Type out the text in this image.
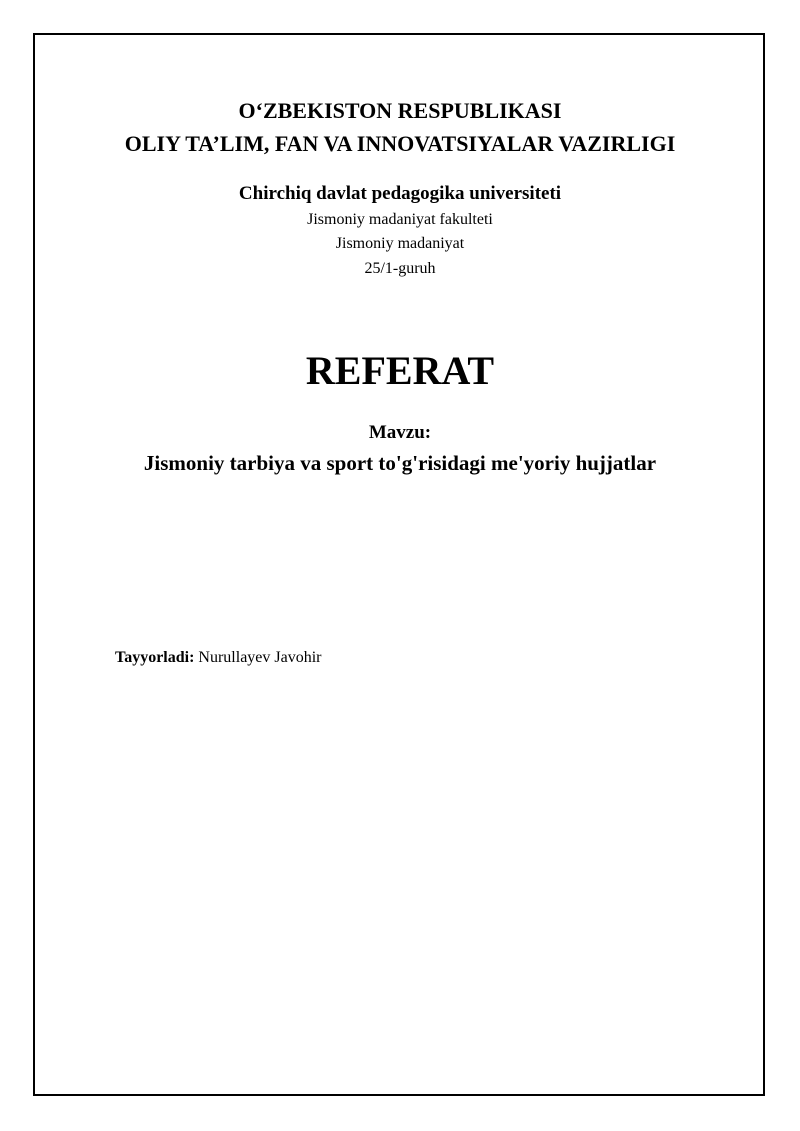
O‘ZBEKISTON RESPUBLIKASI
OLIY TA’LIM, FAN VA INNOVATSIYALAR VAZIRLIGI
Chirchiq davlat pedagogika universiteti
Jismoniy madaniyat fakulteti
Jismoniy madaniyat
25/1-guruh
REFERAT
Mavzu:
Jismoniy tarbiya va sport to'g'risidagi me'yoriy hujjatlar
Tayyorladi: Nurullayev Javohir
